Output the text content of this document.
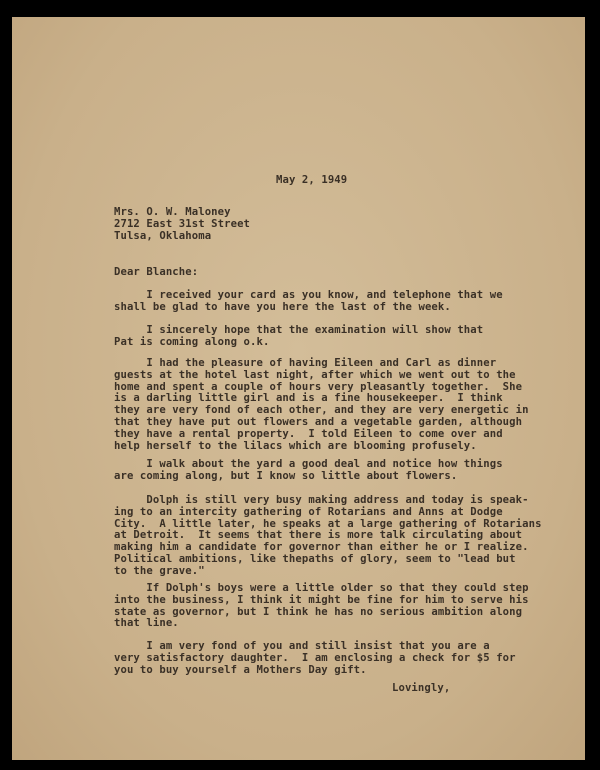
May 2, 1949
Mrs. O. W. Maloney
2712 East 31st Street
Tulsa, Oklahoma
Dear Blanche:
I received your card as you know, and telephone that we
shall be glad to have you here the last of the week.
I sincerely hope that the examination will show that
Pat is coming along o.k.
I had the pleasure of having Eileen and Carl as dinner
guests at the hotel last night, after which we went out to the
home and spent a couple of hours very pleasantly together.  She
is a darling little girl and is a fine housekeeper.  I think
they are very fond of each other, and they are very energetic in
that they have put out flowers and a vegetable garden, although
they have a rental property.  I told Eileen to come over and
help herself to the lilacs which are blooming profusely.
I walk about the yard a good deal and notice how things
are coming along, but I know so little about flowers.
Dolph is still very busy making address and today is speak-
ing to an intercity gathering of Rotarians and Anns at Dodge
City.  A little later, he speaks at a large gathering of Rotarians
at Detroit.  It seems that there is more talk circulating about
making him a candidate for governor than either he or I realize.
Political ambitions, like thepaths of glory, seem to "lead but
to the grave."
If Dolph's boys were a little older so that they could step
into the business, I think it might be fine for him to serve his
state as governor, but I think he has no serious ambition along
that line.
I am very fond of you and still insist that you are a
very satisfactory daughter.  I am enclosing a check for $5 for
you to buy yourself a Mothers Day gift.
Lovingly,
